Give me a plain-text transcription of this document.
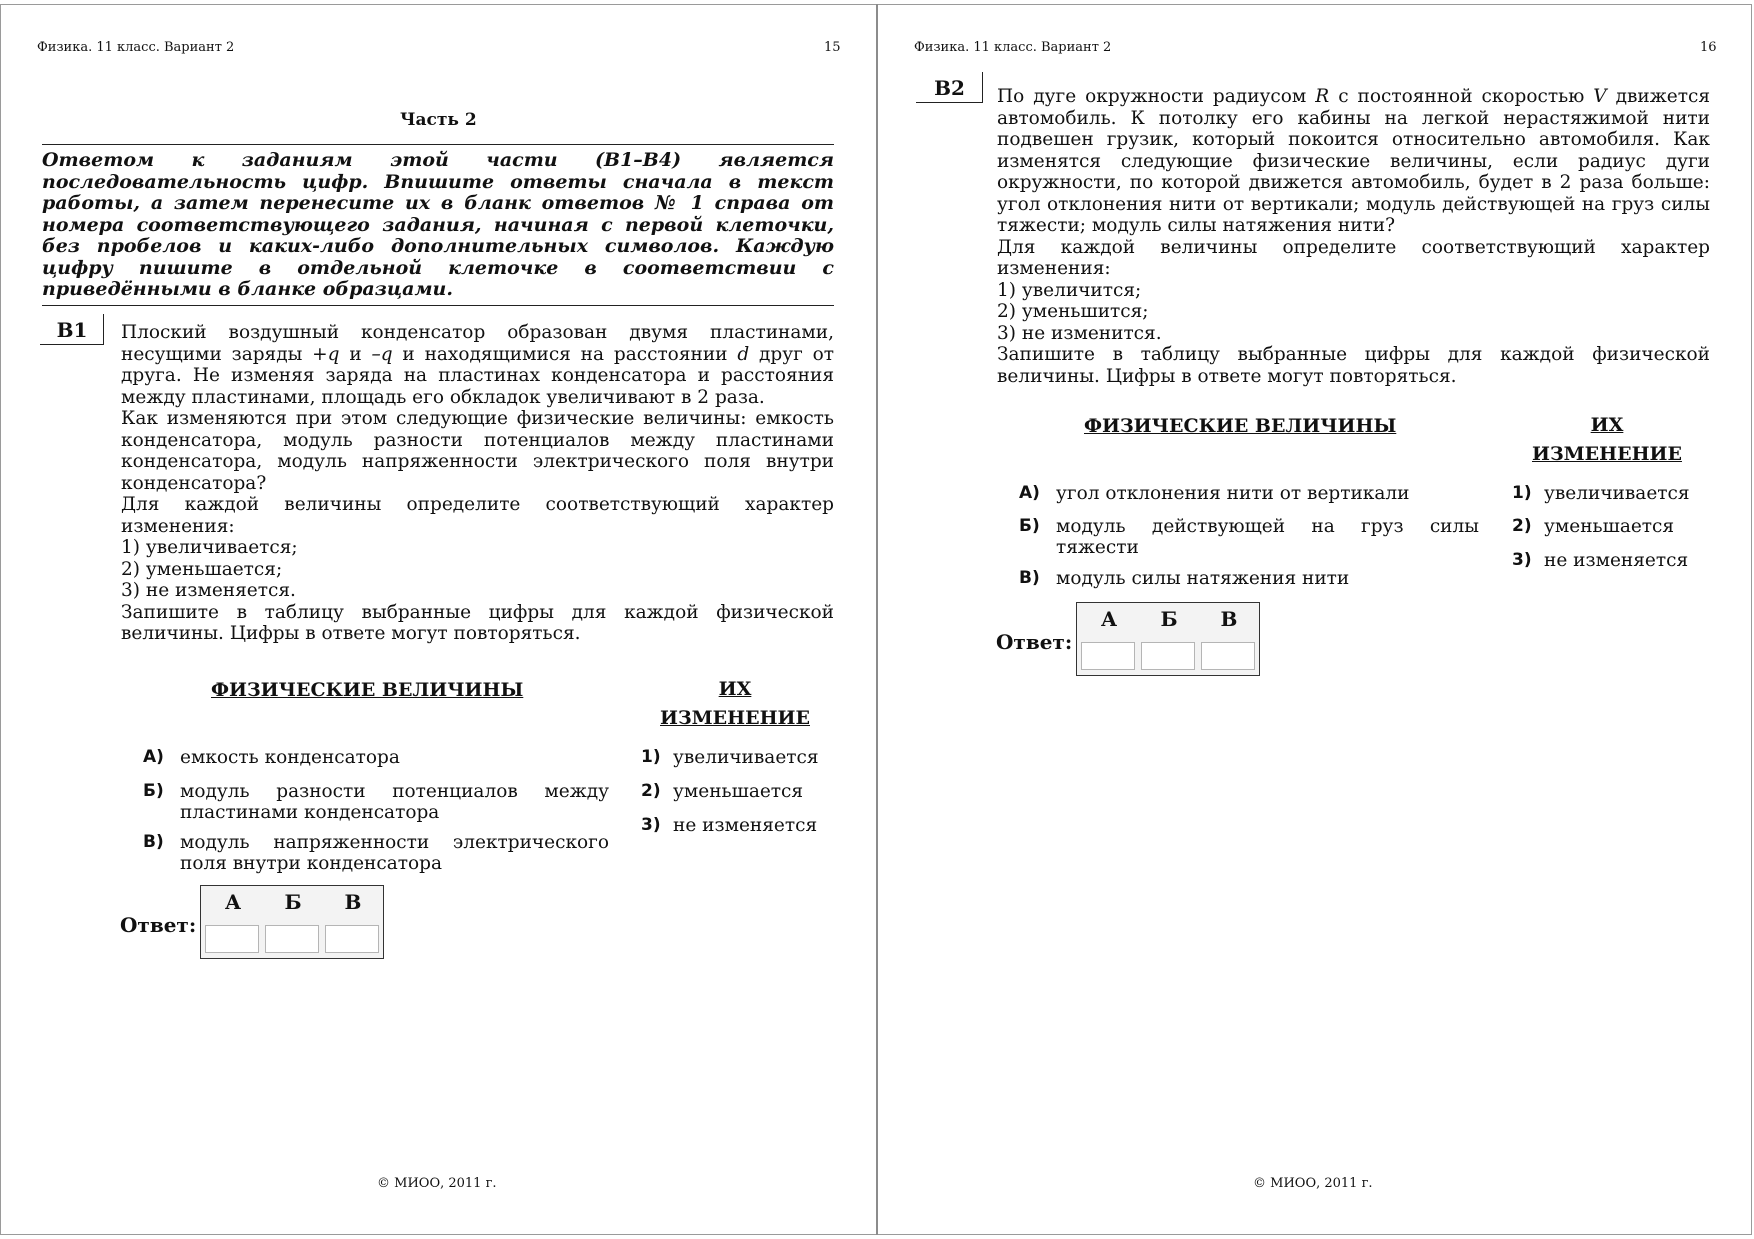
Физика. 11 класс. Вариант 2	15
Часть 2
Ответом к заданиям этой части (В1–В4) является
последовательность цифр. Впишите ответы сначала в текст
работы, а затем перенесите их в бланк ответов № 1 справа от
номера соответствующего задания, начиная с первой клеточки,
без пробелов и каких-либо дополнительных символов. Каждую
цифру пишите в отдельной клеточке в соответствии с
приведёнными в бланке образцами.
В1	Плоский воздушный конденсатор образован двумя пластинами, несущими заряды +q и –q и находящимися на расстоянии d друг от друга. Не изменяя заряда на пластинах конденсатора и расстояния между пластинами, площадь его обкладок увеличивают в 2 раза.

Как изменяются при этом следующие физические величины: емкость конденсатора, модуль разности потенциалов между пластинами конденсатора, модуль напряженности электрического поля внутри конденсатора?

Для каждой величины определите соответствующий характер изменения:

1) увеличивается;

2) уменьшается;

3) не изменяется.

Запишите в таблицу выбранные цифры для каждой физической величины. Цифры в ответе могут повторяться.

ФИЗИЧЕСКИЕ ВЕЛИЧИНЫ	ИХ
ИЗМЕНЕНИЕ
А) емкость конденсатора
Б) модуль разности потенциалов между пластинами конденсатора
В) модуль напряженности электрического поля внутри конденсатора
1) увеличивается
2) уменьшается
3) не изменяется
Ответ:
А	Б	В
© МИОО, 2011 г.
Физика. 11 класс. Вариант 2	16
В2	По дуге окружности радиусом R с постоянной скоростью V движется автомобиль. К потолку его кабины на легкой нерастяжимой нити подвешен грузик, который покоится относительно автомобиля. Как изменятся следующие физические величины, если радиус дуги окружности, по которой движется автомобиль, будет в 2 раза больше: угол отклонения нити от вертикали; модуль действующей на груз силы тяжести; модуль силы натяжения нити?

Для каждой величины определите соответствующий характер изменения:

1) увеличится;

2) уменьшится;

3) не изменится.

Запишите в таблицу выбранные цифры для каждой физической величины. Цифры в ответе могут повторяться.

ФИЗИЧЕСКИЕ ВЕЛИЧИНЫ	ИХ
ИЗМЕНЕНИЕ
А) угол отклонения нити от вертикали
Б) модуль действующей на груз силы тяжести
В) модуль силы натяжения нити
1) увеличивается
2) уменьшается
3) не изменяется
Ответ:
А	Б	В
© МИОО, 2011 г.
